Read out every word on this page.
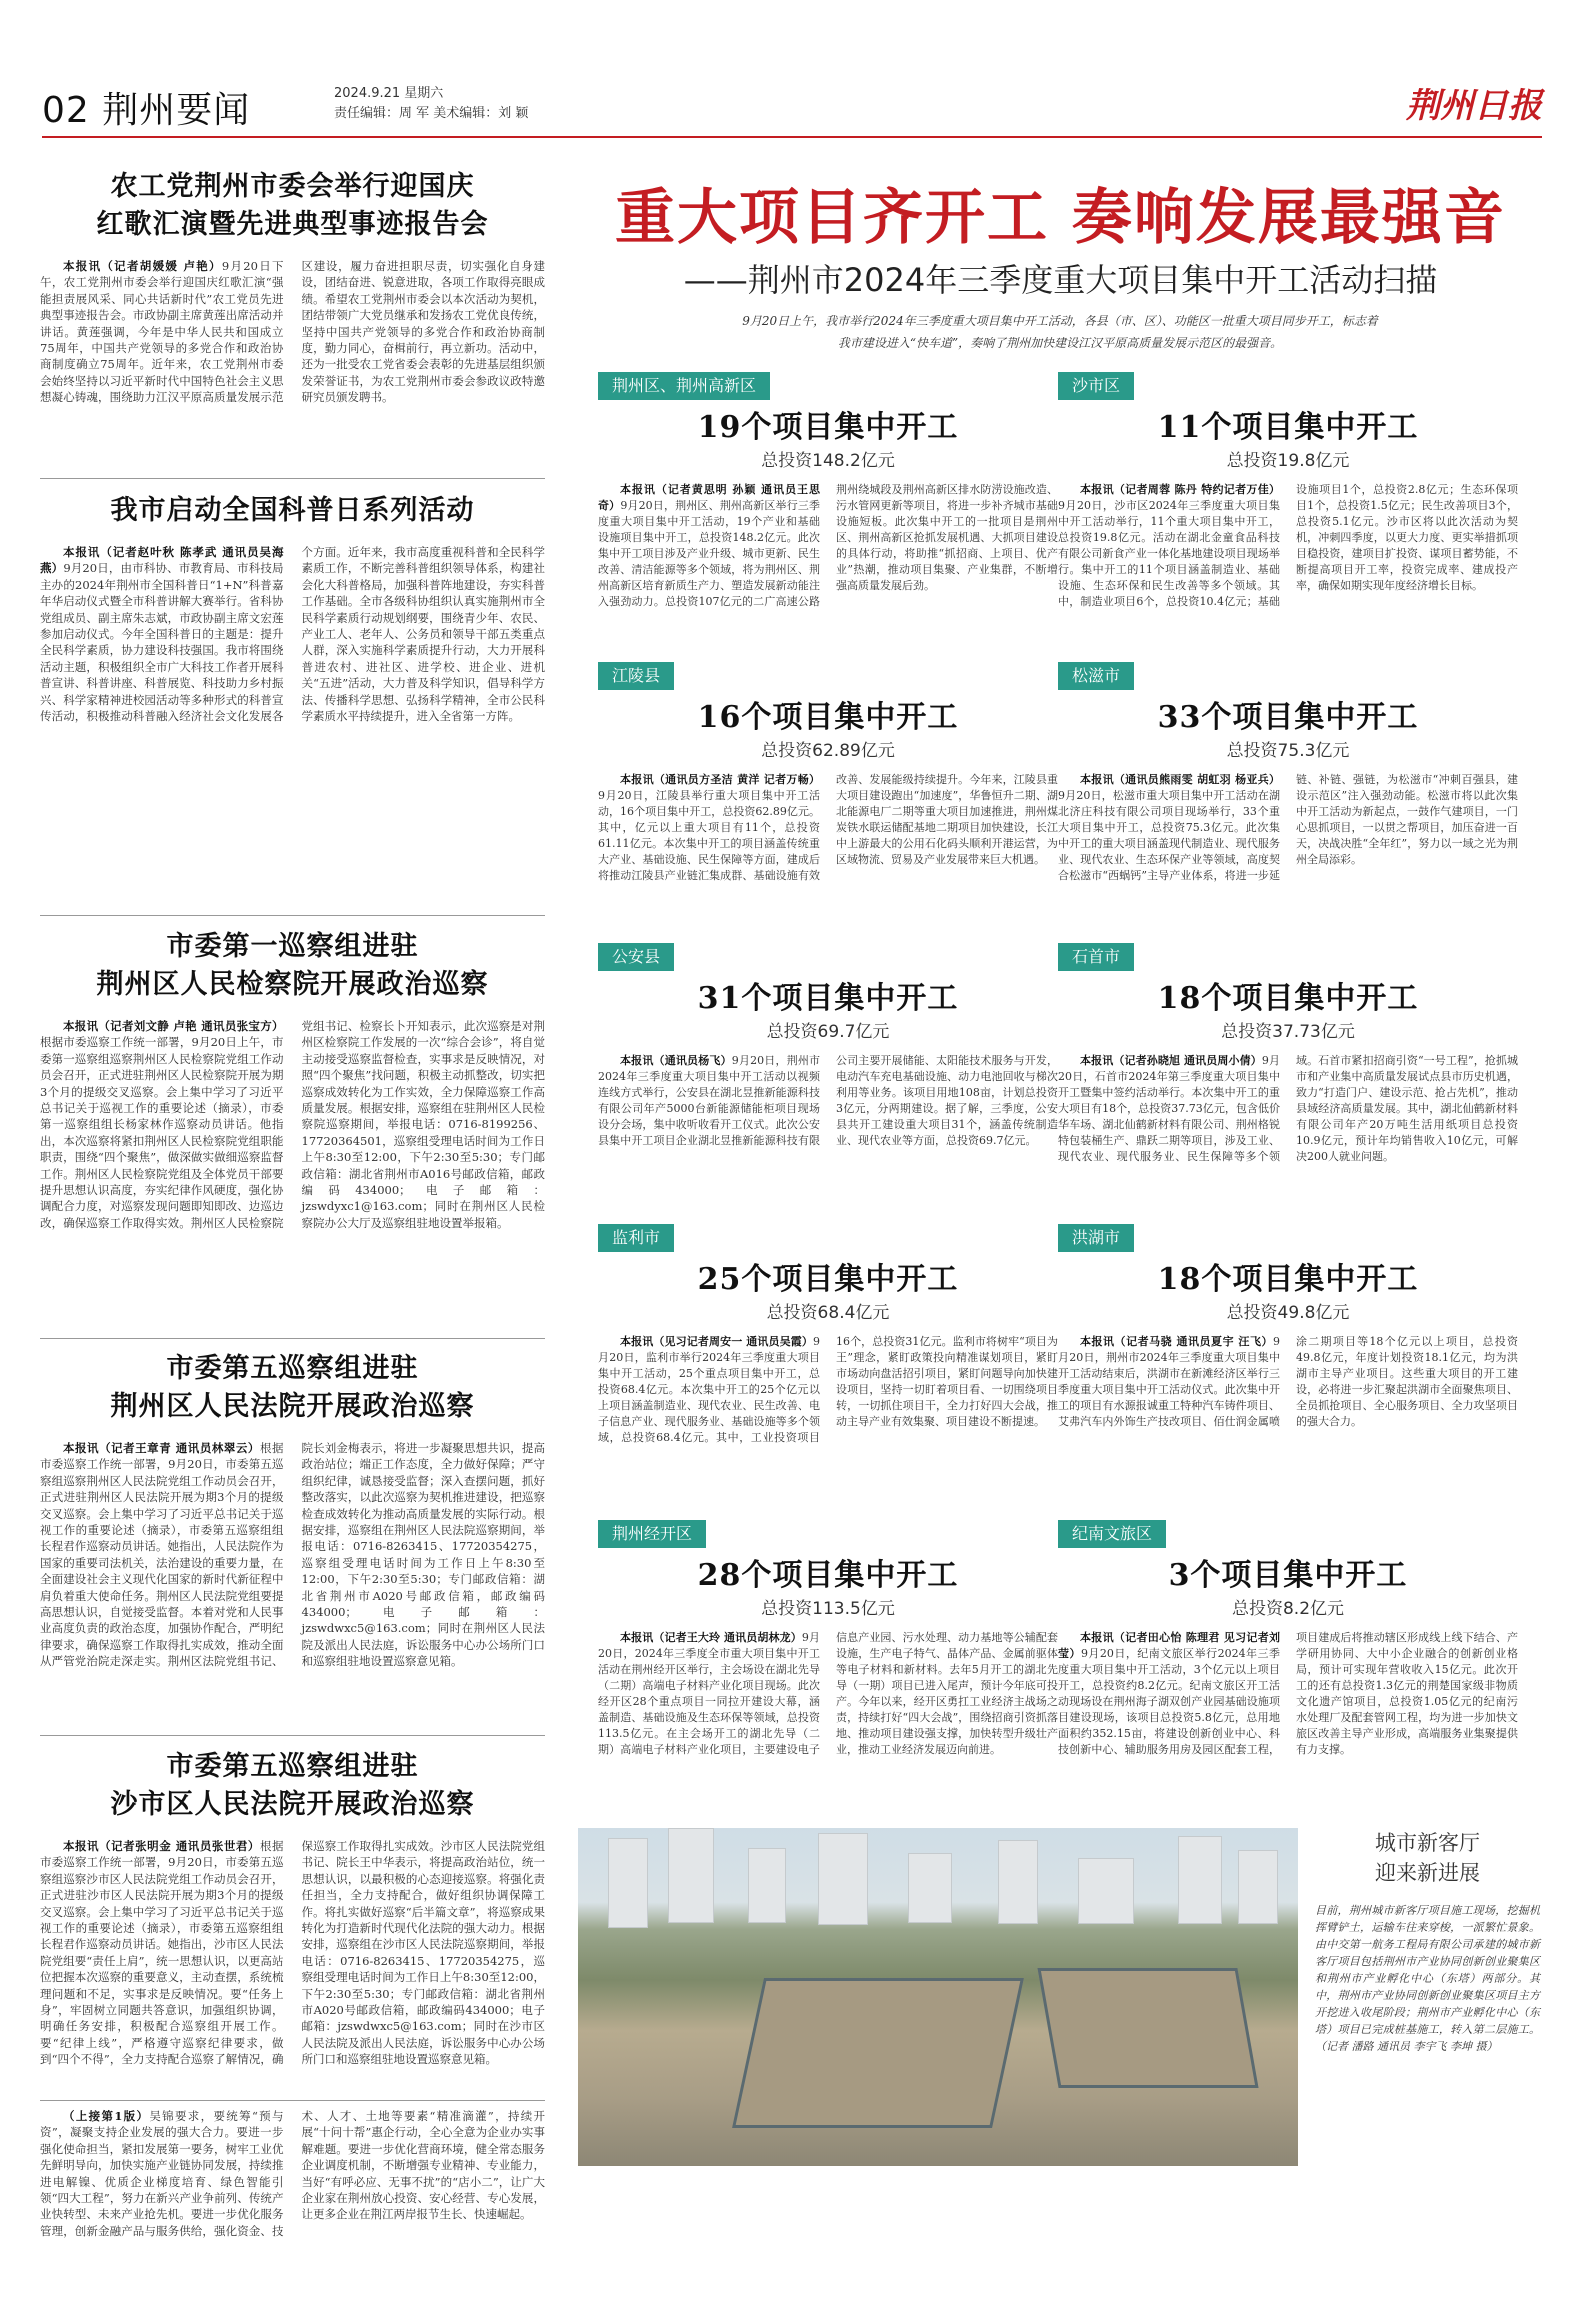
02 荆州要闻	2024.9.21 星期六
责任编辑：周 军 美术编辑：刘 颖	荆州日报
农工党荆州市委会举行迎国庆
红歌汇演暨先进典型事迹报告会

本报讯（记者胡媛媛 卢艳）9月20日下午，农工党荆州市委会举行迎国庆红歌汇演“强能担责展风采、同心共话新时代”农工党员先进典型事迹报告会。市政协副主席黄莲出席活动并讲话。黄莲强调，今年是中华人民共和国成立75周年，中国共产党领导的多党合作和政治协商制度确立75周年。近年来，农工党荆州市委会始终坚持以习近平新时代中国特色社会主义思想凝心铸魂，围绕助力江汉平原高质量发展示范区建设，履力奋进担职尽责，切实强化自身建设，团结奋进、锐意进取，各项工作取得亮眼成绩。希望农工党荆州市委会以本次活动为契机，团结带领广大党员继承和发扬农工党优良传统，坚持中国共产党领导的多党合作和政治协商制度，勤力同心，奋楫前行，再立新功。活动中，还为一批受农工党省委会表彰的先进基层组织颁发荣誉证书，为农工党荆州市委会参政议政特邀研究员颁发聘书。

我市启动全国科普日系列活动

本报讯（记者赵叶秋 陈孝武 通讯员吴海燕）9月20日，由市科协、市教育局、市科技局主办的2024年荆州市全国科普日“1+N”科普嘉年华启动仪式暨全市科普讲解大赛举行。省科协党组成员、副主席朱志斌，市政协副主席文宏莲参加启动仪式。今年全国科普日的主题是：提升全民科学素质，协力建设科技强国。我市将围绕活动主题，积极组织全市广大科技工作者开展科普宣讲、科普讲座、科普展览、科技助力乡村振兴、科学家精神进校园活动等多种形式的科普宣传活动，积极推动科普融入经济社会文化发展各个方面。近年来，我市高度重视科普和全民科学素质工作，不断完善科普组织领导体系，构建社会化大科普格局，加强科普阵地建设，夯实科普工作基础。全市各级科协组织认真实施荆州市全民科学素质行动规划纲要，围绕青少年、农民、产业工人、老年人、公务员和领导干部五类重点人群，深入实施科学素质提升行动，大力开展科普进农村、进社区、进学校、进企业、进机关“五进”活动，大力普及科学知识，倡导科学方法、传播科学思想、弘扬科学精神，全市公民科学素质水平持续提升，进入全省第一方阵。

市委第一巡察组进驻
荆州区人民检察院开展政治巡察

本报讯（记者刘文静 卢艳 通讯员张宝方）根据市委巡察工作统一部署，9月20日上午，市委第一巡察组巡察荆州区人民检察院党组工作动员会召开，正式进驻荆州区人民检察院开展为期3个月的提级交叉巡察。会上集中学习了习近平总书记关于巡视工作的重要论述（摘录），市委第一巡察组组长杨家林作巡察动员讲话。他指出，本次巡察将紧扣荆州区人民检察院党组职能职责，围绕“四个聚焦”，做深做实做细巡察监督工作。荆州区人民检察院党组及全体党员干部要提升思想认识高度，夯实纪律作风硬度，强化协调配合力度，对巡察发现问题即知即改、边巡边改，确保巡察工作取得实效。荆州区人民检察院党组书记、检察长卜开知表示，此次巡察是对荆州区检察院工作发展的一次“综合会诊”，将自觉主动接受巡察监督检查，实事求是反映情况，对照“四个聚焦”找问题，积极主动抓整改，切实把巡察成效转化为工作实效，全力保障巡察工作高质量发展。根据安排，巡察组在驻荆州区人民检察院巡察期间，举报电话：0716-8199256、17720364501，巡察组受理电话时间为工作日上午8:30至12:00，下午2:30至5:30；专门邮政信箱：湖北省荆州市A016号邮政信箱，邮政编码434000；电子邮箱：jzswdyxc1@163.com；同时在荆州区人民检察院办公大厅及巡察组驻地设置举报箱。

市委第五巡察组进驻
荆州区人民法院开展政治巡察

本报讯（记者王章青 通讯员林翠云）根据市委巡察工作统一部署，9月20日，市委第五巡察组巡察荆州区人民法院党组工作动员会召开，正式进驻荆州区人民法院开展为期3个月的提级交叉巡察。会上集中学习了习近平总书记关于巡视工作的重要论述（摘录），市委第五巡察组组长程君作巡察动员讲话。她指出，人民法院作为国家的重要司法机关，法治建设的重要力量，在全面建设社会主义现代化国家的新时代新征程中肩负着重大使命任务。荆州区人民法院党组要提高思想认识，自觉接受监督。本着对党和人民事业高度负责的政治态度，加强协作配合，严明纪律要求，确保巡察工作取得扎实成效，推动全面从严管党治院走深走实。荆州区法院党组书记、院长刘金梅表示，将进一步凝聚思想共识，提高政治站位；端正工作态度，全力做好保障；严守组织纪律，诚恳接受监督；深入查摆问题，抓好整改落实，以此次巡察为契机推进建设，把巡察检查成效转化为推动高质量发展的实际行动。根据安排，巡察组在荆州区人民法院巡察期间，举报电话：0716-8263415、17720354275，巡察组受理电话时间为工作日上午8:30至12:00，下午2:30至5:30；专门邮政信箱：湖北省荆州市A020号邮政信箱，邮政编码434000；电子邮箱：jzswdwxc5@163.com；同时在荆州区人民法院及派出人民法庭，诉讼服务中心办公场所门口和巡察组驻地设置巡察意见箱。

市委第五巡察组进驻
沙市区人民法院开展政治巡察

本报讯（记者张明金 通讯员张世君）根据市委巡察工作统一部署，9月20日，市委第五巡察组巡察沙市区人民法院党组工作动员会召开，正式进驻沙市区人民法院开展为期3个月的提级交叉巡察。会上集中学习了习近平总书记关于巡视工作的重要论述（摘录），市委第五巡察组组长程君作巡察动员讲话。她指出，沙市区人民法院党组要“责任上肩”，统一思想认识，以更高站位把握本次巡察的重要意义，主动查摆，系统梳理问题和不足，实事求是反映情况。要“任务上身”，牢固树立同题共答意识，加强组织协调，明确任务安排，积极配合巡察组开展工作。要“纪律上线”，严格遵守巡察纪律要求，做到“四个不得”，全力支持配合巡察了解情况，确保巡察工作取得扎实成效。沙市区人民法院党组书记、院长王中华表示，将提高政治站位，统一思想认识，以最积极的心态迎接巡察。将强化责任担当，全力支持配合，做好组织协调保障工作。将扎实做好巡察“后半篇文章”，将巡察成果转化为打造新时代现代化法院的强大动力。根据安排，巡察组在沙市区人民法院巡察期间，举报电话：0716-8263415、17720354275，巡察组受理电话时间为工作日上午8:30至12:00，下午2:30至5:30；专门邮政信箱：湖北省荆州市A020号邮政信箱，邮政编码434000；电子邮箱：jzswdwxc5@163.com；同时在沙市区人民法院及派出人民法庭，诉讼服务中心办公场所门口和巡察组驻地设置巡察意见箱。

（上接第1版）吴锦要求，要统筹“预与资”，凝聚支持企业发展的强大合力。要进一步强化使命担当，紧扣发展第一要务，树牢工业优先鲜明导向，加快实施产业链协同发展，持续推进电解镍、优质企业梯度培育、绿色智能引领“四大工程”，努力在新兴产业争前列、传统产业快转型、未来产业抢先机。要进一步优化服务管理，创新金融产品与服务供给，强化资金、技术、人才、土地等要素“精准滴灌”，持续开展“十问十帮”惠企行动，全心全意为企业办实事解难题。要进一步优化营商环境，健全常态服务企业调度机制，不断增强专业精神、专业能力，当好“有呼必应、无事不扰”的“店小二”，让广大企业家在荆州放心投资、安心经营、专心发展，让更多企业在荆江两岸报节生长、快速崛起。

重大项目齐开工 奏响发展最强音
——荆州市2024年三季度重大项目集中开工活动扫描
9月20日上午，我市举行2024年三季度重大项目集中开工活动，各县（市、区）、功能区一批重大项目同步开工，标志着我市建设进入“快车道”，奏响了荆州加快建设江汉平原高质量发展示范区的最强音。
荆州区、荆州高新区
19个项目集中开工
总投资148.2亿元

本报讯（记者黄思明 孙颖 通讯员王思奇）9月20日，荆州区、荆州高新区举行三季度重大项目集中开工活动，19个产业和基础设施项目集中开工，总投资148.2亿元。此次集中开工项目涉及产业升级、城市更新、民生改善、清洁能源等多个领域，将为荆州区、荆州高新区培育新质生产力、塑造发展新动能注入强劲动力。总投资107亿元的二广高速公路荆州绕城段及荆州高新区排水防涝设施改造、污水管网更新等项目，将进一步补齐城市基础设施短板。此次集中开工的一批项目是荆州区、荆州高新区抢抓发展机遇、大抓项目建设的具体行动，将助推“抓招商、上项目、优产业”热潮，推动项目集聚、产业集群，不断增强高质量发展后劲。

沙市区
11个项目集中开工
总投资19.8亿元

本报讯（记者周蓉 陈丹 特约记者万佳）9月20日，沙市区2024年三季度重大项目集中开工活动举行，11个重大项目集中开工，总投资19.8亿元。活动在湖北金童食品科技有限公司新食产业一体化基地建设项目现场举行。集中开工的11个项目涵盖制造业、基础设施、生态环保和民生改善等多个领域。其中，制造业项目6个，总投资10.4亿元；基础设施项目1个，总投资2.8亿元；生态环保项目1个，总投资1.5亿元；民生改善项目3个，总投资5.1亿元。沙市区将以此次活动为契机，冲刺四季度，以更大力度、更实举措抓项目稳投资，建项目扩投资、谋项目蓄势能，不断提高项目开工率，投资完成率、建成投产率，确保如期实现年度经济增长目标。

江陵县
16个项目集中开工
总投资62.89亿元

本报讯（通讯员方圣洁 黄洋 记者万畅）9月20日，江陵县举行重大项目集中开工活动，16个项目集中开工，总投资62.89亿元。其中，亿元以上重大项目有11个，总投资61.11亿元。本次集中开工的项目涵盖传统重大产业、基础设施、民生保障等方面，建成后将推动江陵县产业链汇集成群、基础设施有效改善、发展能级持续提升。今年来，江陵县重大项目建设跑出“加速度”，华鲁恒升二期、湖北能源电厂二期等重大项目加速推进，荆州煤炭铁水联运储配基地二期项目加快建设，长江中上游最大的公用石化码头顺利开港运营，为区域物流、贸易及产业发展带来巨大机遇。

松滋市
33个项目集中开工
总投资75.3亿元

本报讯（通讯员熊雨雯 胡虹羽 杨亚兵）9月20日，松滋市重大项目集中开工活动在湖北济庄科技有限公司项目现场举行，33个重大项目集中开工，总投资75.3亿元。此次集中开工的重大项目涵盖现代制造业、现代服务业、现代农业、生态环保产业等领域，高度契合松滋市“西蜗钙”主导产业体系，将进一步延链、补链、强链，为松滋市“冲刺百强县，建设示范区”注入强劲动能。松滋市将以此次集中开工活动为新起点，一鼓作气建项目，一门心思抓项目，一以贯之帮项目，加压奋进一百天，决战决胜“全年红”，努力以一域之光为荆州全局添彩。

公安县
31个项目集中开工
总投资69.7亿元

本报讯（通讯员杨飞）9月20日，荆州市2024年三季度重大项目集中开工活动以视频连线方式举行，公安县在湖北昱推新能源科技有限公司年产5000台新能源储能柜项目现场设分会场，集中收听收看开工仪式。此次公安县集中开工项目企业湖北昱推新能源科技有限公司主要开展储能、太阳能技术服务与开发，电动汽车充电基础设施、动力电池回收与梯次利用等业务。该项目用地108亩，计划总投资3亿元，分两期建设。据了解，三季度，公安县共开工建设重大项目31个，涵盖传统制造业、现代农业等方面，总投资69.7亿元。

石首市
18个项目集中开工
总投资37.73亿元

本报讯（记者孙晓旭 通讯员周小倩）9月20日，石首市2024年第三季度重大项目集中开工暨集中签约活动举行。本次集中开工的重大项目有18个，总投资37.73亿元，包含低价华车场、湖北仙鹤新材料有限公司、荆州格锐特包装桶生产、鼎跃二期等项目，涉及工业、现代农业、现代服务业、民生保障等多个领域。石首市紧扣招商引资“一号工程”，抢抓城市和产业集中高质量发展试点县市历史机遇，致力“打造门户、建设示范、抢占先机”，推动县域经济高质量发展。其中，湖北仙鹤新材料有限公司年产20万吨生活用纸项目总投资10.9亿元，预计年均销售收入10亿元，可解决200人就业问题。

监利市
25个项目集中开工
总投资68.4亿元

本报讯（见习记者周安一 通讯员吴霞）9月20日，监利市举行2024年三季度重大项目集中开工活动，25个重点项目集中开工，总投资68.4亿元。本次集中开工的25个亿元以上项目涵盖制造业、现代农业、民生改善、电子信息产业、现代服务业、基础设施等多个领域，总投资68.4亿元。其中，工业投资项目16个，总投资31亿元。监利市将树牢“项目为王”理念，紧盯政策投向精准谋划项目，紧盯市场动向盘活招引项目，紧盯问题导向加快建设项目，坚持一切盯着项目看、一切围绕项目转，一切抓住项目干，全力打好四大会战，推动主导产业有效集聚、项目建设不断提速。

洪湖市
18个项目集中开工
总投资49.8亿元

本报讯（记者马骁 通讯员夏宇 汪飞）9月20日，荆州市2024年三季度重大项目集中开工活动结束后，洪湖市在新滩经济区举行三季度重大项目集中开工活动仪式。此次集中开工的项目有水源报诚重工特种汽车铸件项目、艾弗汽车内外饰生产技改项目、佰仕润金属喷涂二期项目等18个亿元以上项目，总投资49.8亿元，年度计划投资18.1亿元，均为洪湖市主导产业项目。这些重大项目的开工建设，必将进一步汇聚起洪湖市全面聚焦项目、全员抓抢项目、全心服务项目、全力攻坚项目的强大合力。

荆州经开区
28个项目集中开工
总投资113.5亿元

本报讯（记者王大玲 通讯员胡林龙）9月20日，2024年三季度全市重大项目集中开工活动在荆州经开区举行，主会场设在湖北先导（二期）高端电子材料产业化项目现场。此次经开区28个重点项目一同拉开建设大幕，涵盖制造、基础设施及生态环保等领域，总投资113.5亿元。在主会场开工的湖北先导（二期）高端电子材料产业化项目，主要建设电子信息产业园、污水处理、动力基地等公辅配套设施，生产电子特气、晶体产品、金属前驱体等电子材料和新材料。去年5月开工的湖北先导（一期）项目已进入尾声，预计今年底可投产。今年以来，经开区勇扛工业经济主战场之责，持续打好“四大会战”，围绕招商引资抓落地、推动项目建设强支撑，加快转型升级壮产业，推动工业经济发展迈向前进。

纪南文旅区
3个项目集中开工
总投资8.2亿元

本报讯（记者田心怡 陈理君 见习记者刘莹）9月20日，纪南文旅区举行2024年三季度重大项目集中开工活动，3个亿元以上项目开工，总投资约8.2亿元。纪南文旅区开工活动现场设在荆州海子湖双创产业园基础设施项目建设现场，该项目总投资5.8亿元，总用地面积约352.15亩，将建设创新创业中心、科技创新中心、辅助服务用房及园区配套工程，项目建成后将推动辖区形成线上线下结合、产学研用协同、大中小企业融合的创新创业格局，预计可实现年营收收入15亿元。此次开工的还有总投资1.3亿元的荆楚国家级非物质文化遗产馆项目，总投资1.05亿元的纪南污水处理厂及配套管网工程，均为进一步加快文旅区改善主导产业形成，高端服务业集聚提供有力支撑。

城市新客厅
迎来新进展
目前，荆州城市新客厅项目施工现场，挖掘机挥臂铲土，运输车往来穿梭，一派繁忙景象。由中交第一航务工程局有限公司承建的城市新客厅项目包括荆州市产业协同创新创业聚集区和荆州市产业孵化中心（东塔）两部分。其中，荆州市产业协同创新创业聚集区项目主方开挖进入收尾阶段；荆州市产业孵化中心（东塔）项目已完成桩基施工，转入第二层施工。（记者 潘路 通讯员 李宇飞 李坤 摄）
